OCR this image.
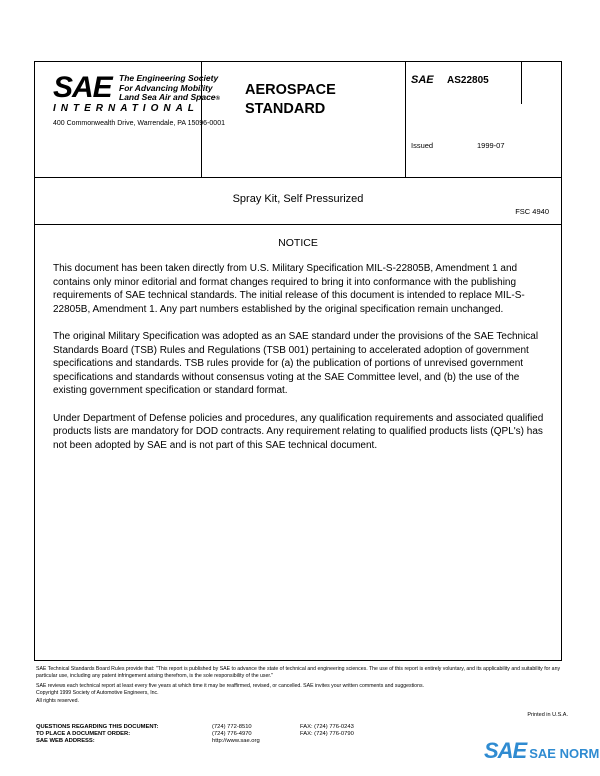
SAE The Engineering Society
For Advancing Mobility
Land Sea Air and Space®
INTERNATIONAL
400 Commonwealth Drive, Warrendale, PA 15096-0001
AEROSPACE
STANDARD
SAE AS22805
Issued	1999-07
Spray Kit, Self Pressurized
FSC 4940
NOTICE

This document has been taken directly from U.S. Military Specification MIL-S-22805B, Amendment 1 and contains only minor editorial and format changes required to bring it into conformance with the publishing requirements of SAE technical standards. The initial release of this document is intended to replace MIL-S-22805B, Amendment 1. Any part numbers established by the original specification remain unchanged.

The original Military Specification was adopted as an SAE standard under the provisions of the SAE Technical Standards Board (TSB) Rules and Regulations (TSB 001) pertaining to accelerated adoption of government specifications and standards. TSB rules provide for (a) the publication of portions of unrevised government specifications and standards without consensus voting at the SAE Committee level, and (b) the use of the existing government specification or standard format.

Under Department of Defense policies and procedures, any qualification requirements and associated qualified products lists are mandatory for DOD contracts. Any requirement relating to qualified products lists (QPL's) has not been adopted by SAE and is not part of this SAE technical document.

SAE Technical Standards Board Rules provide that: "This report is published by SAE to advance the state of technical and engineering sciences. The use of this report is entirely voluntary, and its applicability and suitability for any particular use, including any patent infringement arising therefrom, is the sole responsibility of the user."

SAE reviews each technical report at least every five years at which time it may be reaffirmed, revised, or cancelled. SAE invites your written comments and suggestions.

Copyright 1999 Society of Automotive Engineers, Inc.

All rights reserved.

Printed in U.S.A.
QUESTIONS REGARDING THIS DOCUMENT:
TO PLACE A DOCUMENT ORDER:
SAE WEB ADDRESS:
(724) 772-8510
(724) 776-4970
http://www.sae.org
FAX: (724) 776-0243
FAX: (724) 776-0790
SAE SAE NORM
